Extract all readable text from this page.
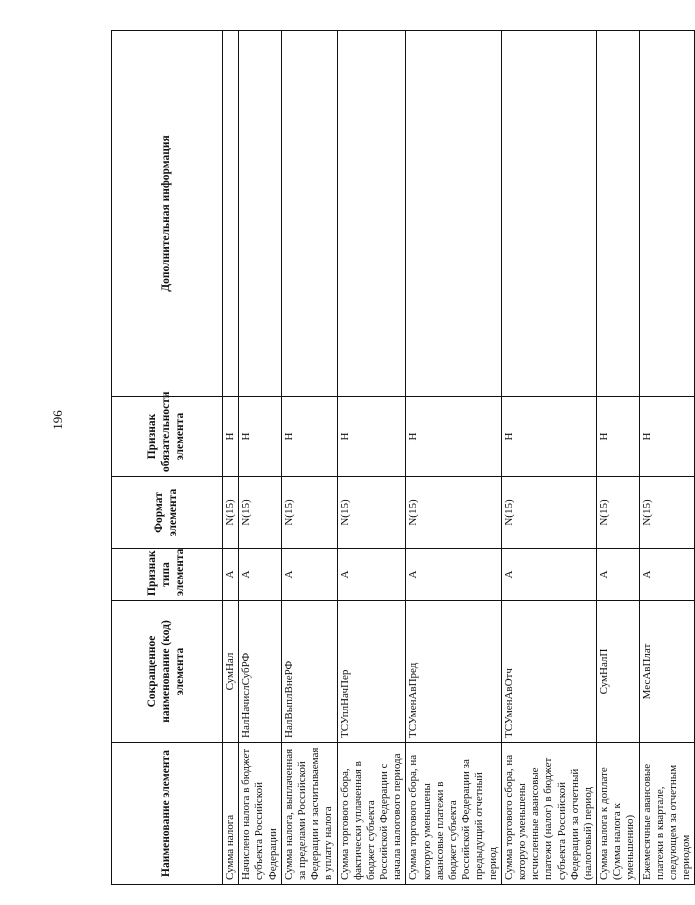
196
Наименование элемента	Сокращенное наименование (код) элемента	Признак типа элемента	Формат элемента	Признак обязательности элемента	Дополнительная информация
Сумма налога	СумНал	А	N(15)	Н	
Начислено налога в бюджет субъекта Российской Федерации	НалНачислСубРФ	А	N(15)	Н	
Сумма налога, выплаченная за пределами Российской Федерации и засчитываемая в уплату налога	НалВыплВнеРФ	А	N(15)	Н	
Сумма торгового сбора, фактически уплаченная в бюджет субъекта Российской Федерации с начала налогового периода	ТСУплНачПер	А	N(15)	Н	
Сумма торгового сбора, на которую уменьшены авансовые платежи в бюджет субъекта Российской Федерации за предыдущий отчетный период	ТСУменАвПред	А	N(15)	Н	
Сумма торгового сбора, на которую уменьшены исчисленные авансовые платежи (налог) в бюджет субъекта Российской Федерации за отчетный (налоговый) период	ТСУменАвОтч	А	N(15)	Н	
Сумма налога к доплате (Сумма налога к уменьшению)	СумНалП	А	N(15)	Н	
Ежемесячные авансовые платежи в квартале, следующем за отчетным периодом	МесАвПлат	А	N(15)	Н	
